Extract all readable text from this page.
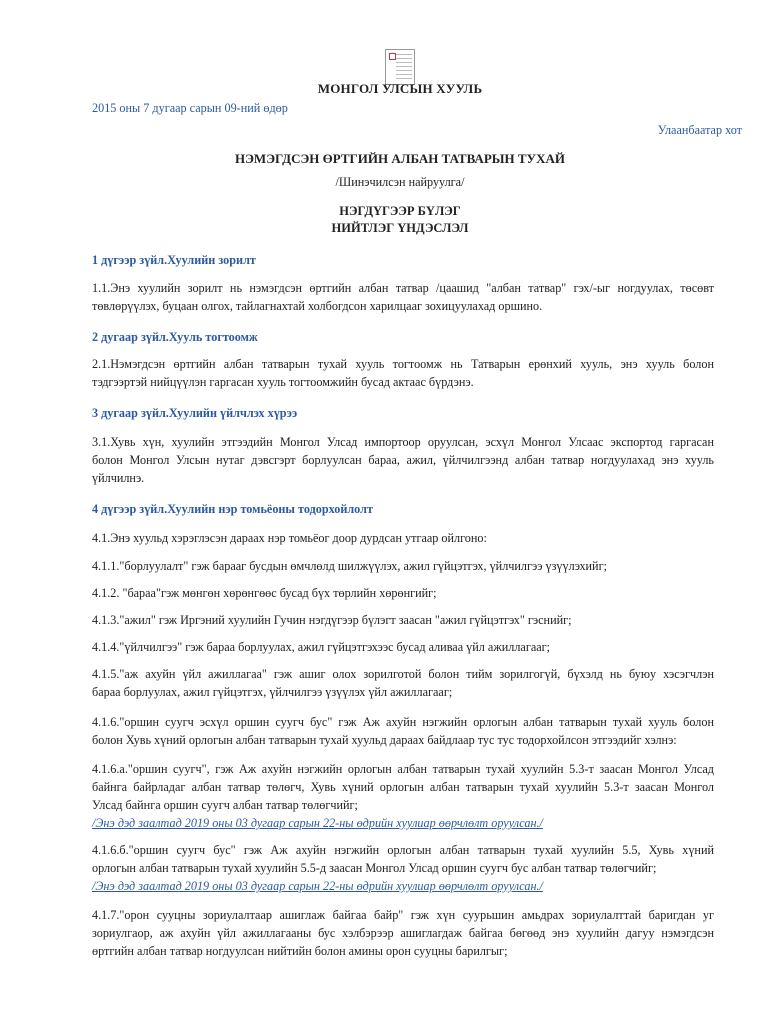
МОНГОЛ УЛСЫН ХУУЛЬ
2015 оны 7 дугаар сарын 09-ний өдөр
Улаанбаатар хот
НЭМЭГДСЭН ӨРТГИЙН АЛБАН ТАТВАРЫН ТУХАЙ
/Шинэчилсэн найруулга/
НЭГДҮГЭЭР БҮЛЭГ
НИЙТЛЭГ ҮНДЭСЛЭЛ
1 дүгээр зүйл.Хуулийн зорилт
1.1.Энэ хуулийн зорилт нь нэмэгдсэн өртгийн албан татвар /цаашид "албан татвар" гэх/-ыг ногдуулах, төсөвт
төвлөрүүлэх, буцаан олгох, тайлагнахтай холбогдсон харилцааг зохицуулахад оршино.
2 дугаар зүйл.Хууль тогтоомж
2.1.Нэмэгдсэн өртгийн албан татварын тухай хууль тогтоомж нь Татварын ерөнхий хууль, энэ хууль болон
тэдгээртэй нийцүүлэн гаргасан хууль тогтоомжийн бусад актаас бүрдэнэ.
3 дугаар зүйл.Хуулийн үйлчлэх хүрээ
3.1.Хувь хүн, хуулийн этгээдийн Монгол Улсад импортоор оруулсан, эсхүл Монгол Улсаас экспортод гаргасан
болон Монгол Улсын нутаг дэвсгэрт борлуулсан бараа, ажил, үйлчилгээнд албан татвар ногдуулахад энэ хууль
үйлчилнэ.
4 дүгээр зүйл.Хуулийн нэр томьёоны тодорхойлолт
4.1.Энэ хуульд хэрэглэсэн дараах нэр томьёог доор дурдсан утгаар ойлгоно:
4.1.1."борлуулалт" гэж барааг бусдын өмчлөлд шилжүүлэх, ажил гүйцэтгэх, үйлчилгээ үзүүлэхийг;
4.1.2. "бараа"гэж мөнгөн хөрөнгөөс бусад бүх төрлийн хөрөнгийг;
4.1.3."ажил" гэж Иргэний хуулийн Гучин нэгдүгээр бүлэгт заасан "ажил гүйцэтгэх" гэснийг;
4.1.4."үйлчилгээ" гэж бараа борлуулах, ажил гүйцэтгэхээс бусад аливаа үйл ажиллагааг;
4.1.5."аж ахуйн үйл ажиллагаа" гэж ашиг олох зорилготой болон тийм зорилгогүй, бүхэлд нь буюу хэсэгчлэн
бараа борлуулах, ажил гүйцэтгэх, үйлчилгээ үзүүлэх үйл ажиллагааг;
4.1.6."оршин суугч эсхүл оршин суугч бус" гэж Аж ахуйн нэгжийн орлогын албан татварын тухай хууль болон
болон Хувь хүний орлогын албан татварын тухай хуульд дараах байдлаар тус тус тодорхойлсон этгээдийг хэлнэ:
4.1.6.а."оршин суугч", гэж Аж ахуйн нэгжийн орлогын албан татварын тухай хуулийн 5.3-т заасан Монгол Улсад
байнга байрладаг албан татвар төлөгч, Хувь хүний орлогын албан татварын тухай хуулийн 5.3-т заасан Монгол
Улсад байнга оршин суугч албан татвар төлөгчийг;
/Энэ дэд заалтад 2019 оны 03 дугаар сарын 22-ны өдрийн хуулиар өөрчлөлт оруулсан./
4.1.6.б."оршин суугч бус" гэж Аж ахуйн нэгжийн орлогын албан татварын тухай хуулийн 5.5, Хувь хүний
орлогын албан татварын тухай хуулийн 5.5-д заасан Монгол Улсад оршин суугч бус албан татвар төлөгчийг;
/Энэ дэд заалтад 2019 оны 03 дугаар сарын 22-ны өдрийн хуулиар өөрчлөлт оруулсан./
4.1.7."орон сууцны зориулалтаар ашиглаж байгаа байр" гэж хүн суурьшин амьдрах зориулалттай баригдан уг
зориулгаор, аж ахуйн үйл ажиллагааны бус хэлбэрээр ашиглагдаж байгаа бөгөөд энэ хуулийн дагуу нэмэгдсэн
өртгийн албан татвар ногдуулсан нийтийн болон амины орон сууцны барилгыг;
